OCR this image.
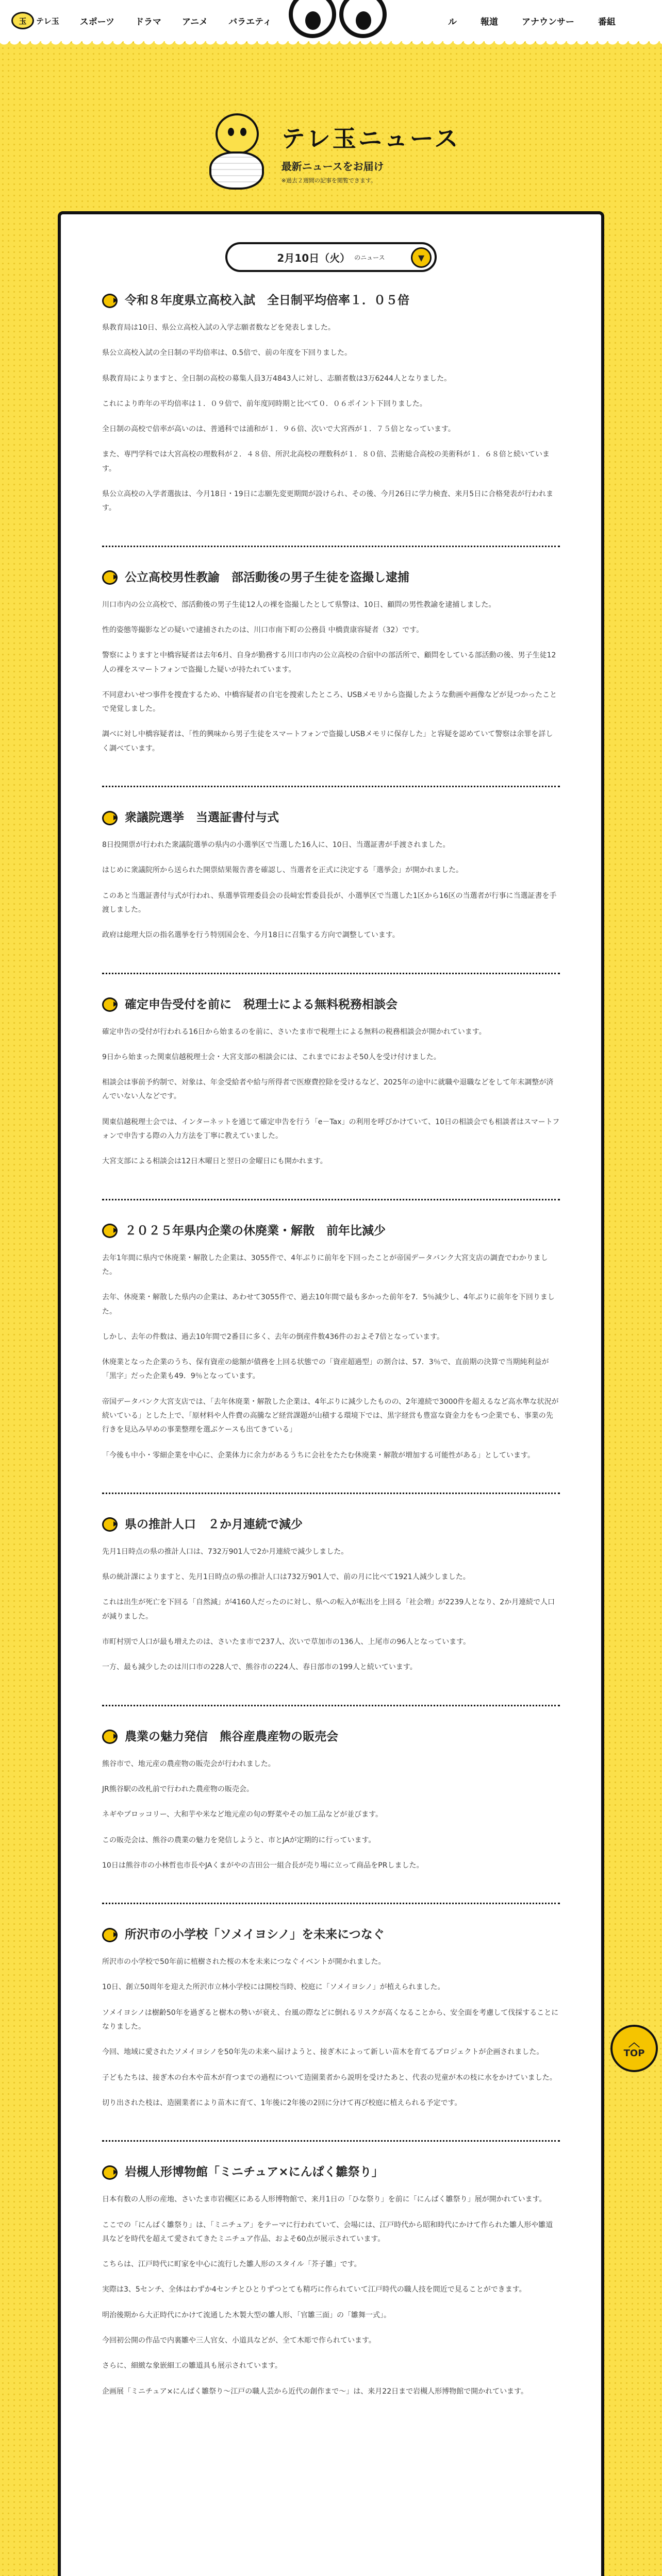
玉	テレ玉 スポーツ ドラマ アニメ バラエティ	ル	報道	アナウンサー	番組
テレ玉ニュース
最新ニュースをお届け
※過去２週間の記事を閲覧できます。
2月10日（火） のニュース	▼
令和８年度県立高校入試　全日制平均倍率１．０５倍

県教育局は10日、県公立高校入試の入学志願者数などを発表しました。

県公立高校入試の全日制の平均倍率は、0.5倍で、前の年度を下回りました。

県教育局によりますと、全日制の高校の募集人員3万4843人に対し、志願者数は3万6244人となりました。

これにより昨年の平均倍率は１．０９倍で、前年度同時期と比べて０．０６ポイント下回りました。

全日制の高校で倍率が高いのは、普通科では浦和が１．９６倍、次いで大宮西が１．７５倍となっています。

また、専門学科では大宮高校の理数科が２．４８倍、所沢北高校の理数科が１．８０倍、芸術総合高校の美術科が１．６８倍と続いています。

県公立高校の入学者選抜は、今月18日・19日に志願先変更期間が設けられ、その後、今月26日に学力検査、来月5日に合格発表が行われます。

公立高校男性教諭　部活動後の男子生徒を盗撮し逮捕

川口市内の公立高校で、部活動後の男子生徒12人の裸を盗撮したとして県警は、10日、顧問の男性教諭を逮捕しました。

性的姿態等撮影などの疑いで逮捕されたのは、川口市南下町の公務員 中橋貴康容疑者（32）です。

警察によりますと中橋容疑者は去年6月、自身が勤務する川口市内の公立高校の合宿中の部活所で、顧問をしている部活動の後、男子生徒12人の裸をスマートフォンで盗撮した疑いが持たれています。

不同意わいせつ事件を捜査するため、中橋容疑者の自宅を捜索したところ、USBメモリから盗撮したような動画や画像などが見つかったことで発覚しました。

調べに対し中橋容疑者は、「性的興味から男子生徒をスマートフォンで盗撮しUSBメモリに保存した」と容疑を認めていて警察は余罪を詳しく調べています。

衆議院選挙　当選証書付与式

8日投開票が行われた衆議院選挙の県内の小選挙区で当選した16人に、10日、当選証書が手渡されました。

はじめに衆議院所から送られた開票結果報告書を確認し、当選者を正式に決定する「選挙会」が開かれました。

このあと当選証書付与式が行われ、県選挙管理委員会の長﨑宏哲委員長が、小選挙区で当選した1区から16区の当選者が行事に当選証書を手渡しました。

政府は総理大臣の指名選挙を行う特別国会を、今月18日に召集する方向で調整しています。

確定申告受付を前に　税理士による無料税務相談会

確定申告の受付が行われる16日から始まるのを前に、さいたま市で税理士による無料の税務相談会が開かれています。

9日から始まった関東信越税理士会・大宮支部の相談会には、これまでにおよそ50人を受け付けました。

相談会は事前予約制で、対象は、年金受給者や給与所得者で医療費控除を受けるなど、2025年の途中に就職や退職などをして年末調整が済んでいない人などです。

関東信越税理士会では、インターネットを通じて確定申告を行う「e－Tax」の利用を呼びかけていて、10日の相談会でも相談者はスマートフォンで申告する際の入力方法を丁寧に教えていました。

大宮支部による相談会は12日木曜日と翌日の金曜日にも開かれます。

２０２５年県内企業の休廃業・解散　前年比減少

去年1年間に県内で休廃業・解散した企業は、3055件で、4年ぶりに前年を下回ったことが帝国データバンク大宮支店の調査でわかりました。

去年、休廃業・解散した県内の企業は、あわせて3055件で、過去10年間で最も多かった前年を7．5％減少し、4年ぶりに前年を下回りました。

しかし、去年の件数は、過去10年間で2番目に多く、去年の倒産件数436件のおよそ7倍となっています。

休廃業となった企業のうち、保有資産の総額が債務を上回る状態での「資産超過型」の割合は、57．3％で、直前期の決算で当期純利益が「黒字」だった企業も49．9％となっています。

帝国データバンク大宮支店では、「去年休廃業・解散した企業は、4年ぶりに減少したものの、2年連続で3000件を超えるなど高水準な状況が続いている」とした上で、「原材料や人件費の高騰など経営課題が山積する環境下では、黒字経営も豊富な資金力をもつ企業でも、事業の先行きを見込み早めの事業整理を選ぶケースも出てきている」

「今後も中小・零細企業を中心に、企業体力に余力があるうちに会社をたたむ休廃業・解散が増加する可能性がある」としています。

県の推計人口　２か月連続で減少

先月1日時点の県の推計人口は、732万901人で2か月連続で減少しました。

県の統計課によりますと、先月1日時点の県の推計人口は732万901人で、前の月に比べて1921人減少しました。

これは出生が死亡を下回る「自然減」が4160人だったのに対し、県への転入が転出を上回る「社会増」が2239人となり、2か月連続で人口が減りました。

市町村別で人口が最も増えたのは、さいたま市で237人、次いで草加市の136人、上尾市の96人となっています。

一方、最も減少したのは川口市の228人で、熊谷市の224人、春日部市の199人と続いています。

農業の魅力発信　熊谷産農産物の販売会

熊谷市で、地元産の農産物の販売会が行われました。

JR熊谷駅の改札前で行われた農産物の販売会。

ネギやブロッコリー、大和芋や米など地元産の旬の野菜やその加工品などが並びます。

この販売会は、熊谷の農業の魅力を発信しようと、市とJAが定期的に行っています。

10日は熊谷市の小林哲也市長やJAくまがやの吉田公一組合長が売り場に立って商品をPRしました。

所沢市の小学校「ソメイヨシノ」を未来につなぐ

所沢市の小学校で50年前に植樹された桜の木を未来につなぐイベントが開かれました。

10日、創立50周年を迎えた所沢市立林小学校には開校当時、校庭に「ソメイヨシノ」が植えられました。

ソメイヨシノは樹齢50年を過ぎると樹木の勢いが衰え、台風の際などに倒れるリスクが高くなることから、安全面を考慮して伐採することになりました。

今回、地域に愛されたソメイヨシノを50年先の未来へ届けようと、接ぎ木によって新しい苗木を育てるプロジェクトが企画されました。

子どもたちは、接ぎ木の台木や苗木が育つまでの過程について造園業者から説明を受けたあと、代表の児童が木の枝に水をかけていました。

切り出された枝は、造園業者により苗木に育て、1年後に2年後の2回に分けて再び校庭に植えられる予定です。

岩槻人形博物館「ミニチュア×にんぱく雛祭り」

日本有数の人形の産地、さいたま市岩槻区にある人形博物館で、来月1日の「ひな祭り」を前に「にんぱく雛祭り」展が開かれています。

ここでの「にんぱく雛祭り」は、「ミニチュア」をテーマに行われていて、会場には、江戸時代から昭和時代にかけて作られた雛人形や雛道具などを時代を超えて愛されてきたミニチュア作品、およそ60点が展示されています。

こちらは、江戸時代に町家を中心に流行した雛人形のスタイル「芥子雛」です。

実際は3、5センチ、全体はわずか4センチとひとりずつとても精巧に作られていて江戸時代の職人技を間近で見ることができます。

明治後期から大正時代にかけて流通した木製大型の雛人形、「官雛三面」の「雛舞一式」。

今回初公開の作品で内裏雛や三人官女、小道具などが、全て木彫で作られています。

さらに、細緻な象嵌細工の雛道具も展示されています。

企画展「ミニチュア×にんぱく雛祭り～江戸の職人芸から近代の創作まで～」は、来月22日まで岩槻人形博物館で開かれています。

︿
TOP
